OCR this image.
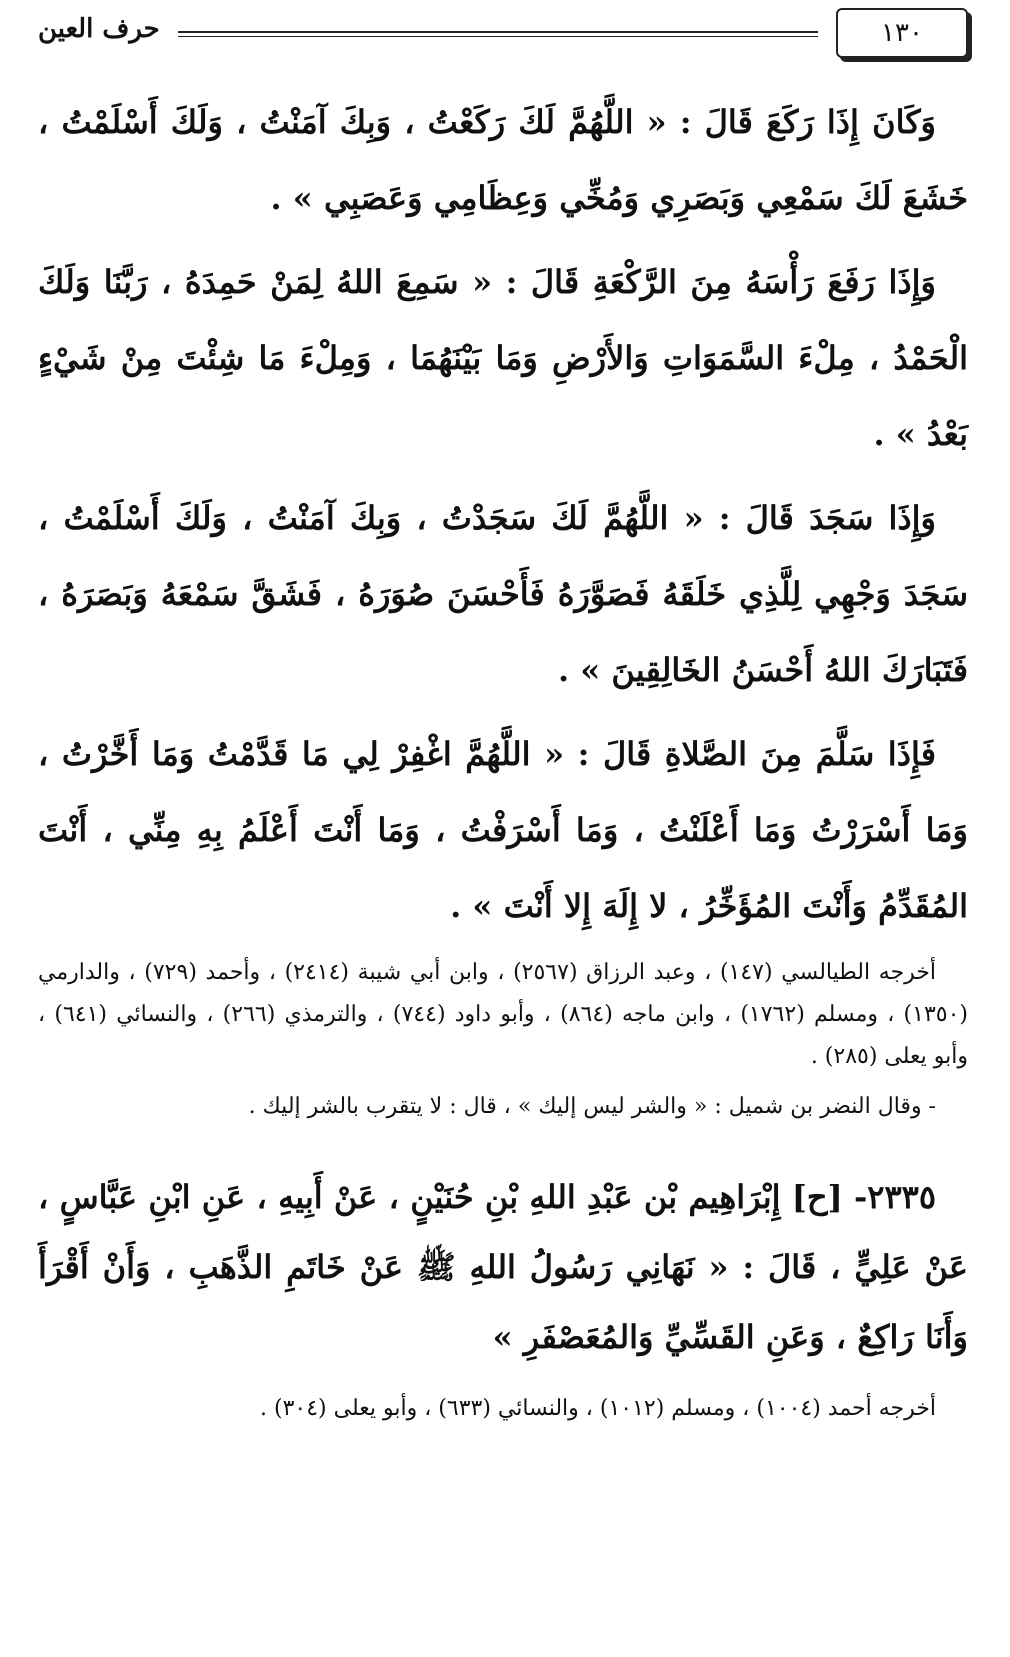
١٣٠
حرف العين

وَكَانَ إِذَا رَكَعَ قَالَ : « اللَّهُمَّ لَكَ رَكَعْتُ ، وَبِكَ آمَنْتُ ، وَلَكَ أَسْلَمْتُ ، خَشَعَ لَكَ سَمْعِي وَبَصَرِي وَمُخِّي وَعِظَامِي وَعَصَبِي » .

وَإِذَا رَفَعَ رَأْسَهُ مِنَ الرَّكْعَةِ قَالَ : « سَمِعَ اللهُ لِمَنْ حَمِدَهُ ، رَبَّنَا وَلَكَ الْحَمْدُ ، مِلْءَ السَّمَوَاتِ وَالأَرْضِ وَمَا بَيْنَهُمَا ، وَمِلْءَ مَا شِئْتَ مِنْ شَيْءٍ بَعْدُ » .

وَإِذَا سَجَدَ قَالَ : « اللَّهُمَّ لَكَ سَجَدْتُ ، وَبِكَ آمَنْتُ ، وَلَكَ أَسْلَمْتُ ، سَجَدَ وَجْهِي لِلَّذِي خَلَقَهُ فَصَوَّرَهُ فَأَحْسَنَ صُوَرَهُ ، فَشَقَّ سَمْعَهُ وَبَصَرَهُ ، فَتَبَارَكَ اللهُ أَحْسَنُ الخَالِقِينَ » .

فَإِذَا سَلَّمَ مِنَ الصَّلاةِ قَالَ : « اللَّهُمَّ اغْفِرْ لِي مَا قَدَّمْتُ وَمَا أَخَّرْتُ ، وَمَا أَسْرَرْتُ وَمَا أَعْلَنْتُ ، وَمَا أَسْرَفْتُ ، وَمَا أَنْتَ أَعْلَمُ بِهِ مِنِّي ، أَنْتَ المُقَدِّمُ وَأَنْتَ المُؤَخِّرُ ، لا إِلَهَ إِلا أَنْتَ » .

أخرجه الطيالسي (١٤٧) ، وعبد الرزاق (٢٥٦٧) ، وابن أبي شيبة (٢٤١٤) ، وأحمد (٧٢٩) ، والدارمي (١٣٥٠) ، ومسلم (١٧٦٢) ، وابن ماجه (٨٦٤) ، وأبو داود (٧٤٤) ، والترمذي (٢٦٦) ، والنسائي (٦٤١) ، وأبو يعلى (٢٨٥) .

- وقال النضر بن شميل : « والشر ليس إليك » ، قال : لا يتقرب بالشر إليك .

٢٣٣٥- [ح] إِبْرَاهِيم بْن عَبْدِ اللهِ بْنِ حُنَيْنٍ ، عَنْ أَبِيهِ ، عَنِ ابْنِ عَبَّاسٍ ، عَنْ عَلِيٍّ ، قَالَ : « نَهَانِي رَسُولُ اللهِ ﷺ عَنْ خَاتَمِ الذَّهَبِ ، وَأَنْ أَقْرَأَ وَأَنَا رَاكِعٌ ، وَعَنِ القَسِّيِّ وَالمُعَصْفَرِ »

أخرجه أحمد (١٠٠٤) ، ومسلم (١٠١٢) ، والنسائي (٦٣٣) ، وأبو يعلى (٣٠٤) .
